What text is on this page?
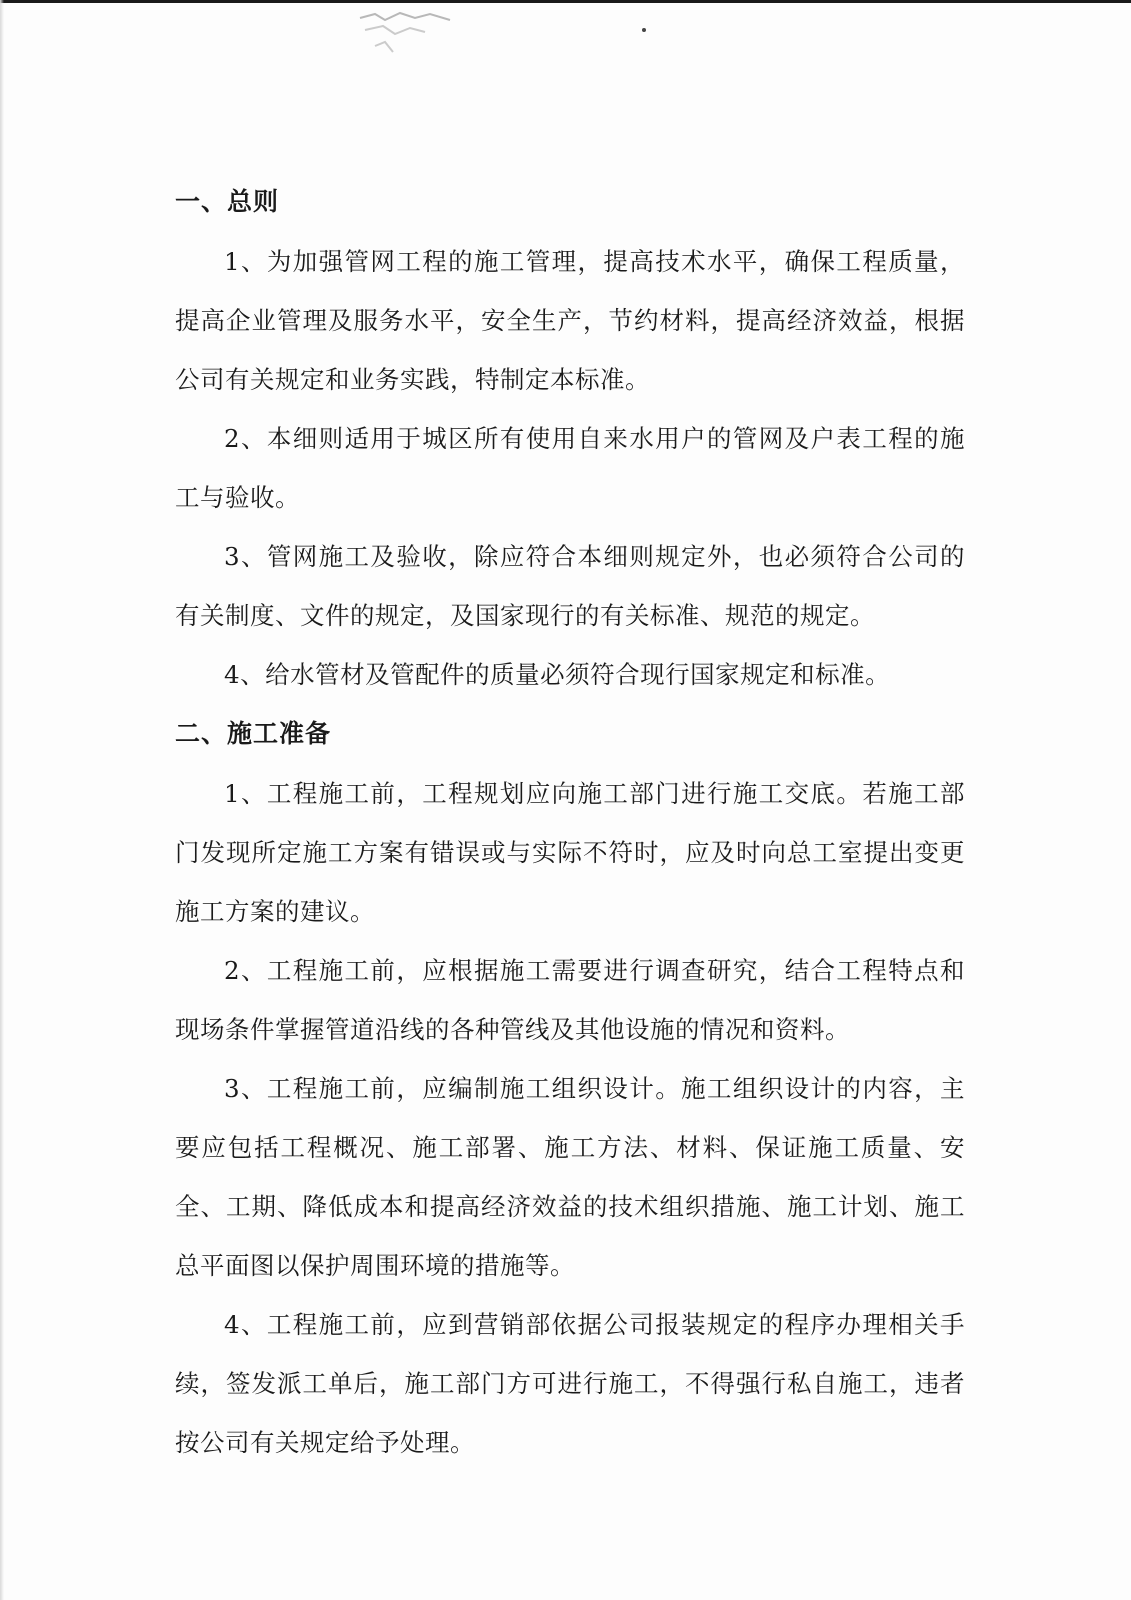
一、总则

1、为加强管网工程的施工管理，提高技术水平，确保工程质量，提高企业管理及服务水平，安全生产，节约材料，提高经济效益，根据公司有关规定和业务实践，特制定本标准。

2、本细则适用于城区所有使用自来水用户的管网及户表工程的施工与验收。

3、管网施工及验收，除应符合本细则规定外，也必须符合公司的有关制度、文件的规定，及国家现行的有关标准、规范的规定。

4、给水管材及管配件的质量必须符合现行国家规定和标准。

二、施工准备

1、工程施工前，工程规划应向施工部门进行施工交底。若施工部门发现所定施工方案有错误或与实际不符时，应及时向总工室提出变更施工方案的建议。

2、工程施工前，应根据施工需要进行调查研究，结合工程特点和现场条件掌握管道沿线的各种管线及其他设施的情况和资料。

3、工程施工前，应编制施工组织设计。施工组织设计的内容，主要应包括工程概况、施工部署、施工方法、材料、保证施工质量、安全、工期、降低成本和提高经济效益的技术组织措施、施工计划、施工总平面图以保护周围环境的措施等。

4、工程施工前，应到营销部依据公司报装规定的程序办理相关手续，签发派工单后，施工部门方可进行施工，不得强行私自施工，违者按公司有关规定给予处理。
